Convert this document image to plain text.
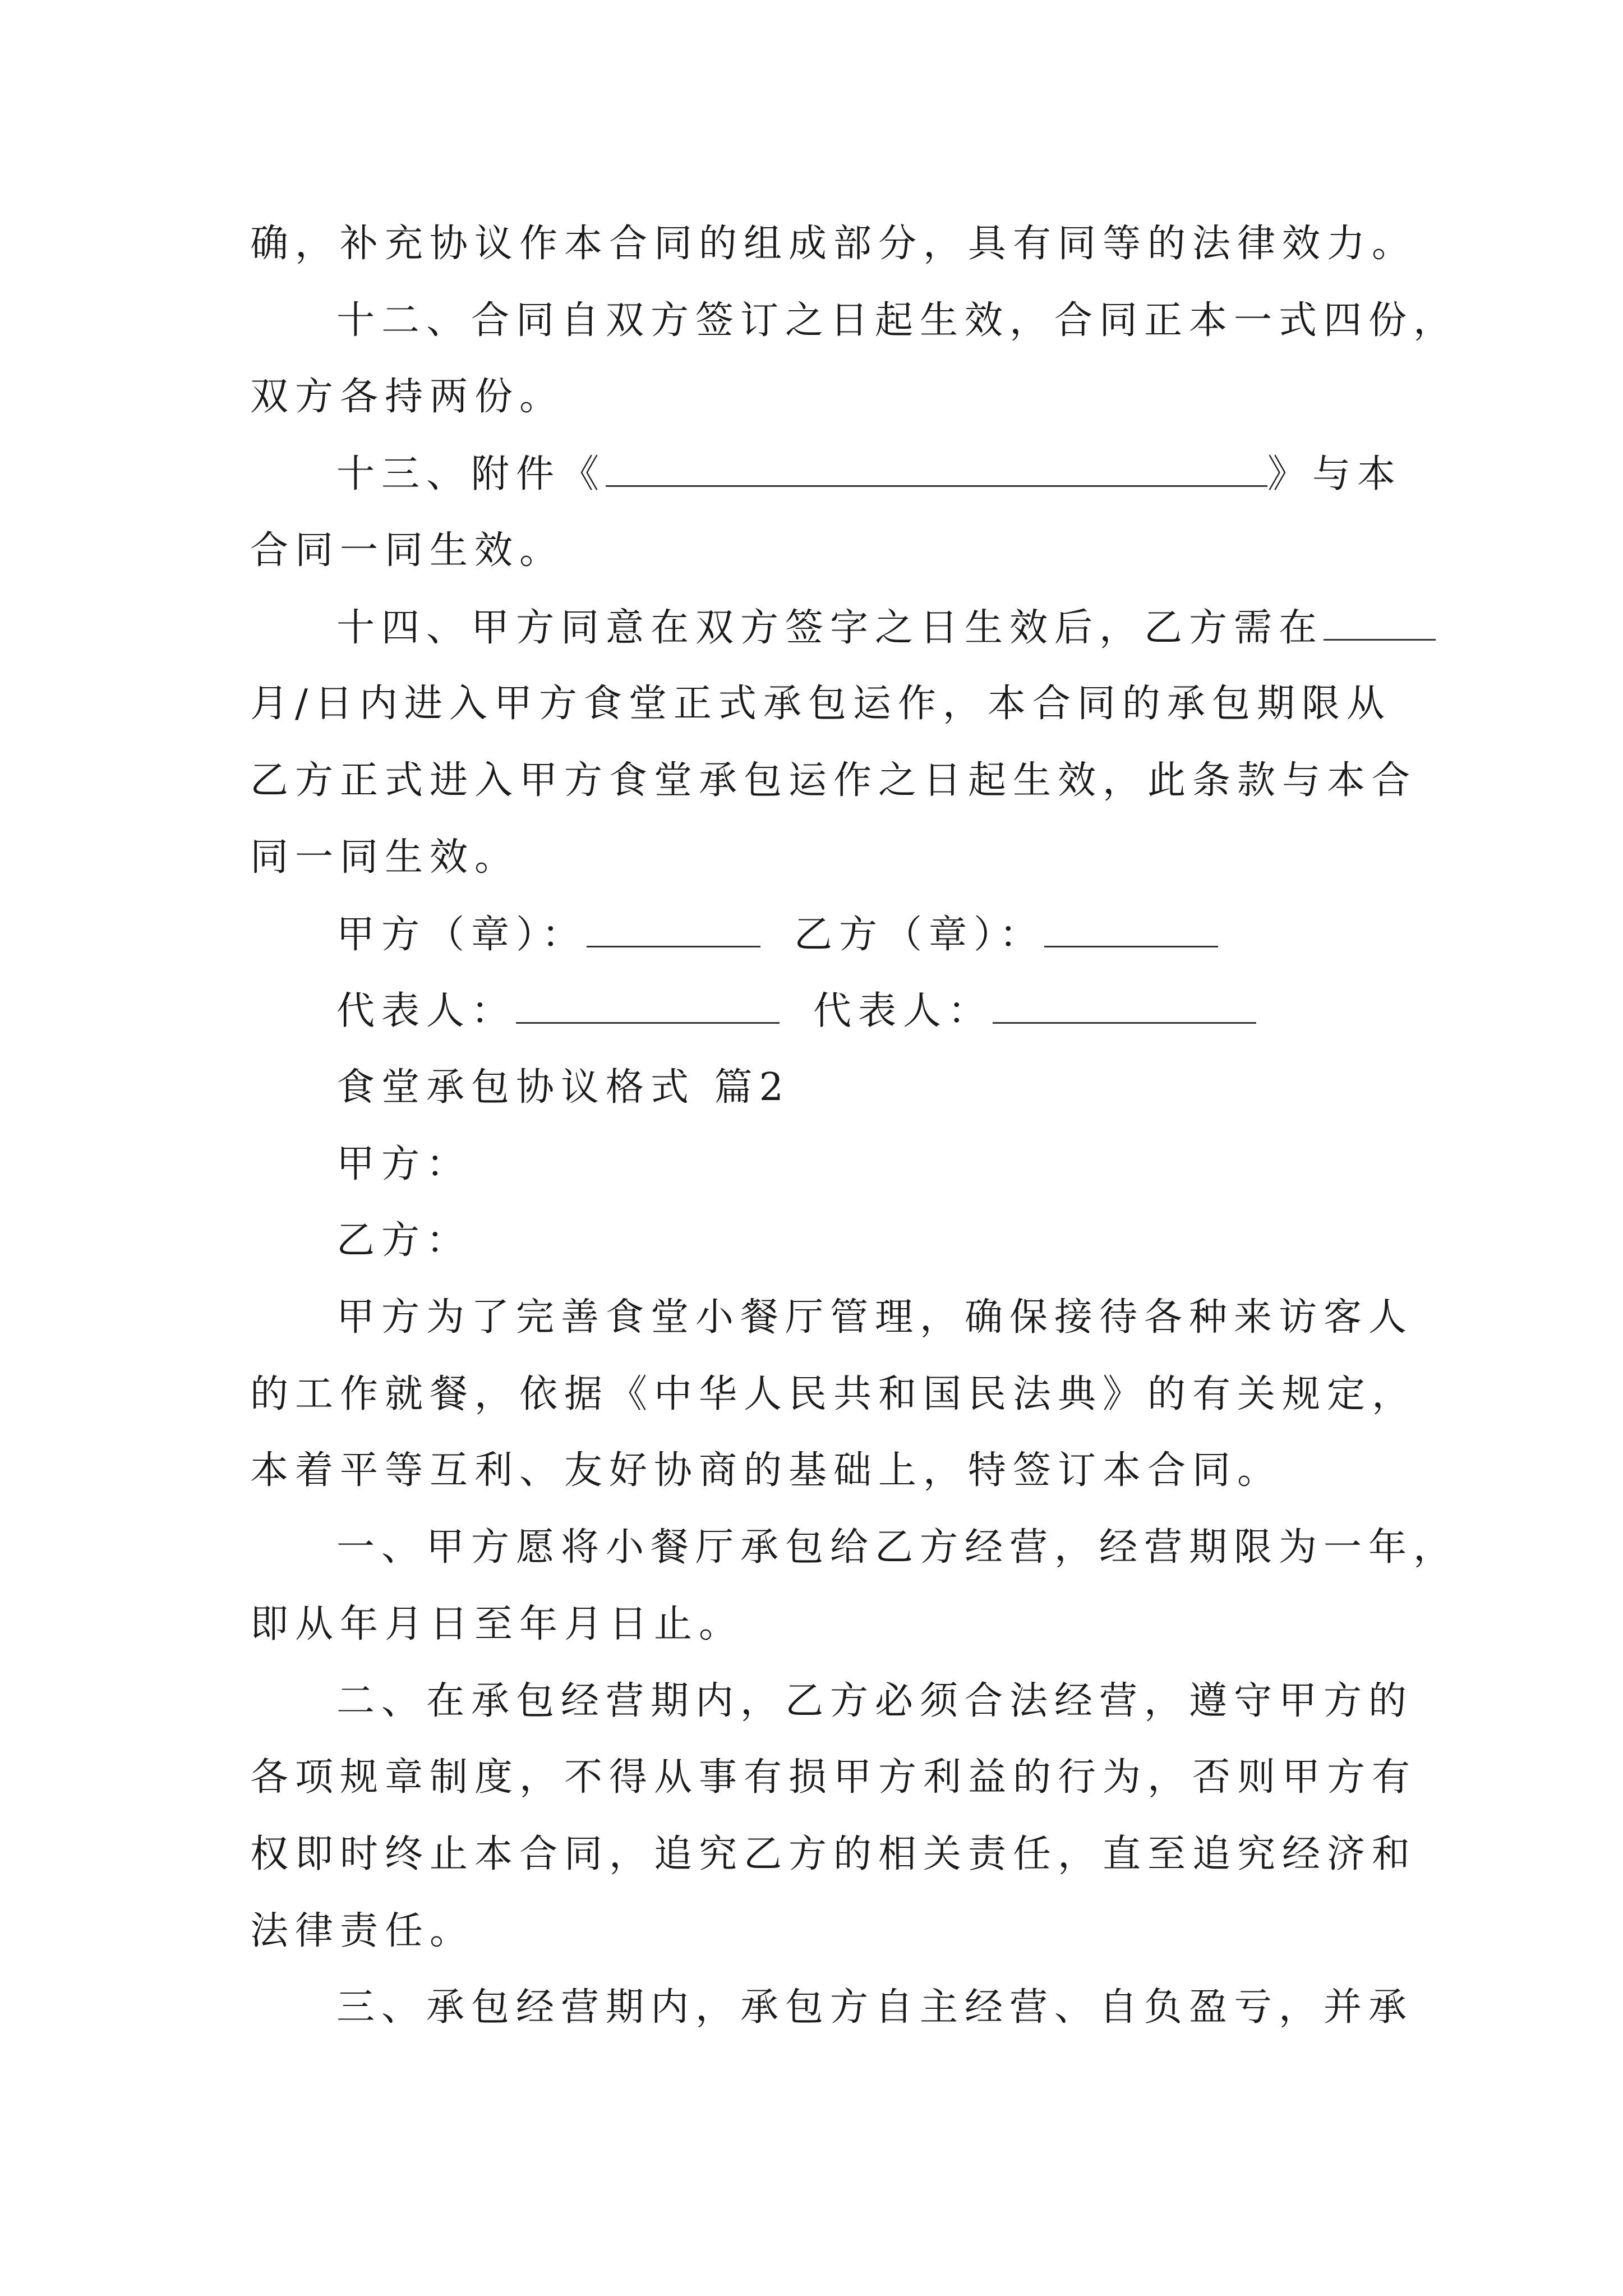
确，补充协议作本合同的组成部分，具有同等的法律效力。
十二、合同自双方签订之日起生效，合同正本一式四份，
双方各持两份。
十三、附件《	》与本
合同一同生效。
十四、甲方同意在双方签字之日生效后，乙方需在
月/日内进入甲方食堂正式承包运作，本合同的承包期限从
乙方正式进入甲方食堂承包运作之日起生效，此条款与本合
同一同生效。
甲方（章）：	乙方（章）：
代表人：	代表人：
食堂承包协议格式 篇2
甲方：
乙方：
甲方为了完善食堂小餐厅管理，确保接待各种来访客人
的工作就餐，依据《中华人民共和国民法典》的有关规定，
本着平等互利、友好协商的基础上，特签订本合同。
一、甲方愿将小餐厅承包给乙方经营，经营期限为一年，
即从年月日至年月日止。
二、在承包经营期内，乙方必须合法经营，遵守甲方的
各项规章制度，不得从事有损甲方利益的行为，否则甲方有
权即时终止本合同，追究乙方的相关责任，直至追究经济和
法律责任。
三、承包经营期内，承包方自主经营、自负盈亏，并承
